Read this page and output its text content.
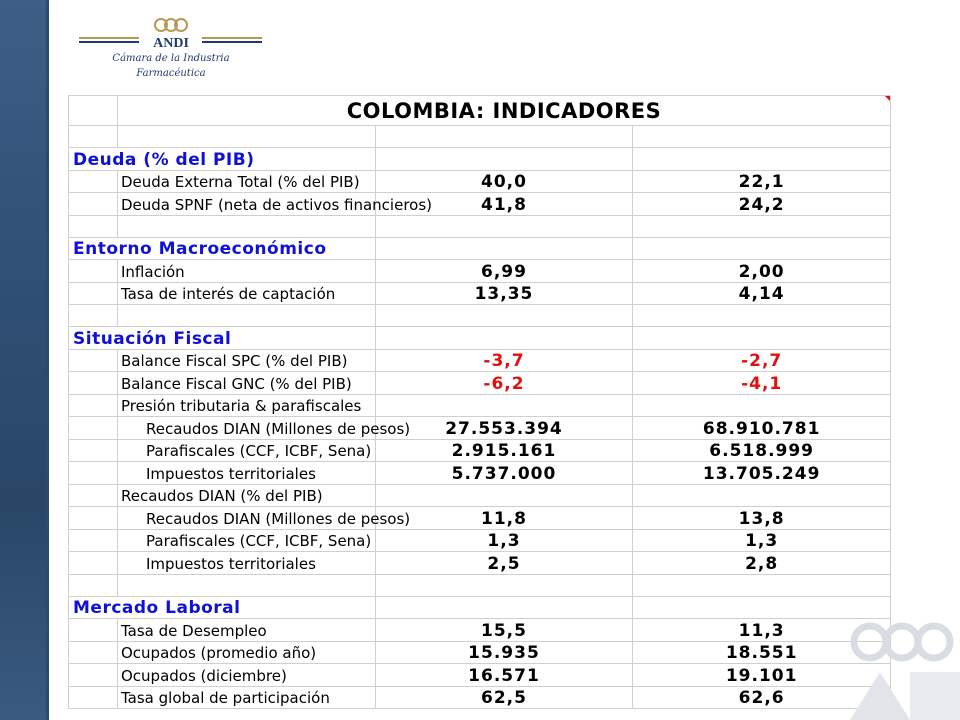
ANDI
Cámara de la Industria
Farmacéutica
	COLOMBIA: INDICADORES		

Deuda (% del PIB)			
	Deuda Externa Total (% del PIB)	40,0	22,1
	Deuda SPNF (neta de activos financieros)	41,8	24,2

Entorno Macroeconómico			
	Inflación	6,99	2,00
	Tasa de interés de captación	13,35	4,14

Situación Fiscal			
	Balance Fiscal SPC (% del PIB)	-3,7	-2,7
	Balance Fiscal GNC (% del PIB)	-6,2	-4,1
	Presión tributaria & parafiscales		
	Recaudos DIAN (Millones de pesos)	27.553.394	68.910.781
	Parafiscales (CCF, ICBF, Sena)	2.915.161	6.518.999
	Impuestos territoriales	5.737.000	13.705.249
	Recaudos DIAN (% del PIB)		
	Recaudos DIAN (Millones de pesos)	11,8	13,8
	Parafiscales (CCF, ICBF, Sena)	1,3	1,3
	Impuestos territoriales	2,5	2,8

Mercado Laboral			
	Tasa de Desempleo	15,5	11,3
	Ocupados (promedio año)	15.935	18.551
	Ocupados (diciembre)	16.571	19.101
	Tasa global de participación	62,5	62,6
